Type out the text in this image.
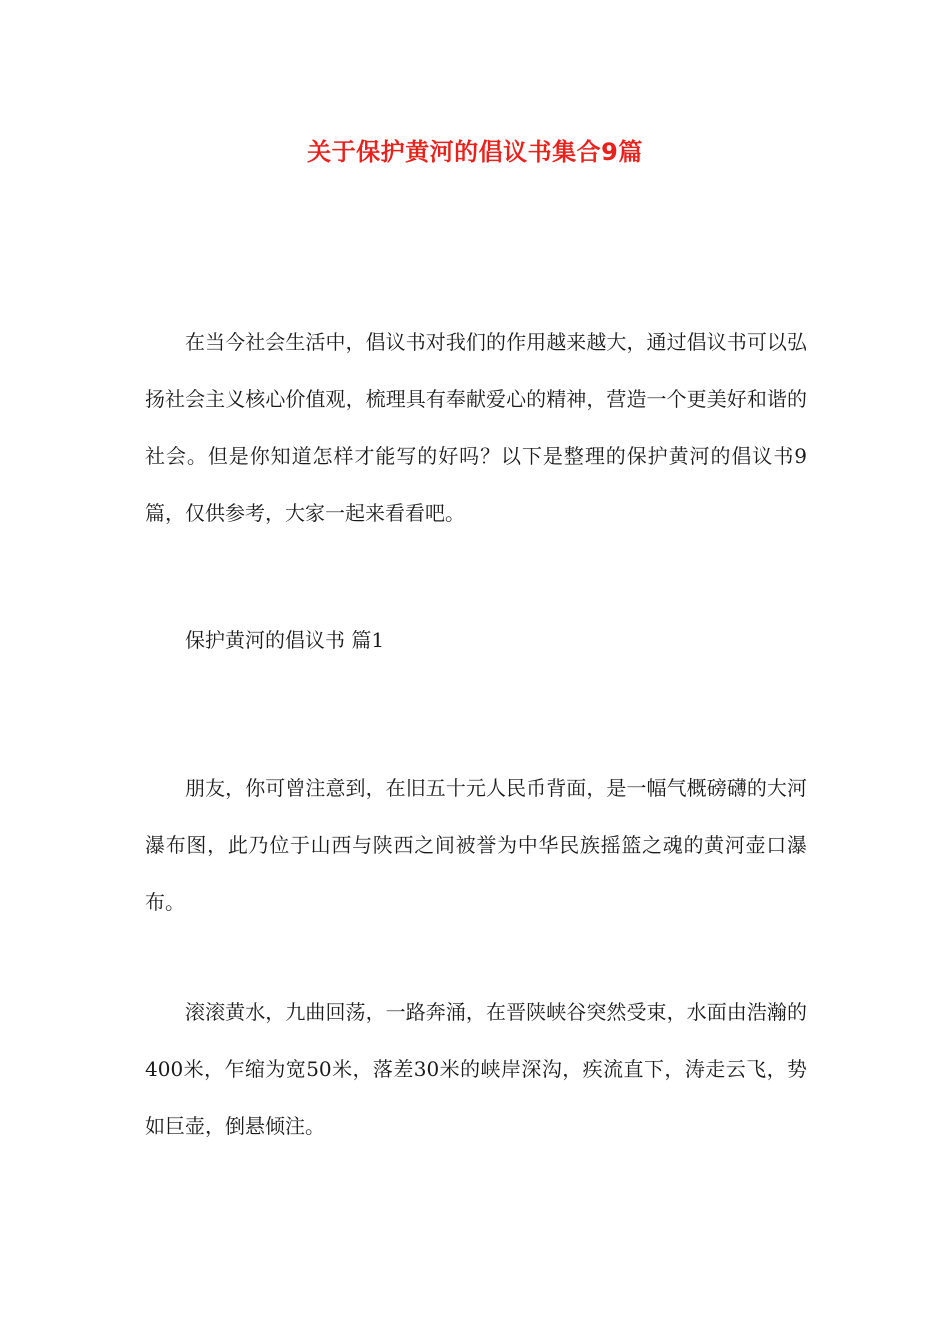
关于保护黄河的倡议书集合9篇
在当今社会生活中，倡议书对我们的作用越来越大，通过倡议书可以弘扬社会主义核心价值观，梳理具有奉献爱心的精神，营造一个更美好和谐的社会。但是你知道怎样才能写的好吗？以下是整理的保护黄河的倡议书9篇，仅供参考，大家一起来看看吧。
保护黄河的倡议书 篇1
朋友，你可曾注意到，在旧五十元人民币背面，是一幅气概磅礴的大河瀑布图，此乃位于山西与陕西之间被誉为中华民族摇篮之魂的黄河壶口瀑布。
滚滚黄水，九曲回荡，一路奔涌，在晋陕峡谷突然受束，水面由浩瀚的400米，乍缩为宽50米，落差30米的峡岸深沟，疾流直下，涛走云飞，势如巨壶，倒悬倾注。
